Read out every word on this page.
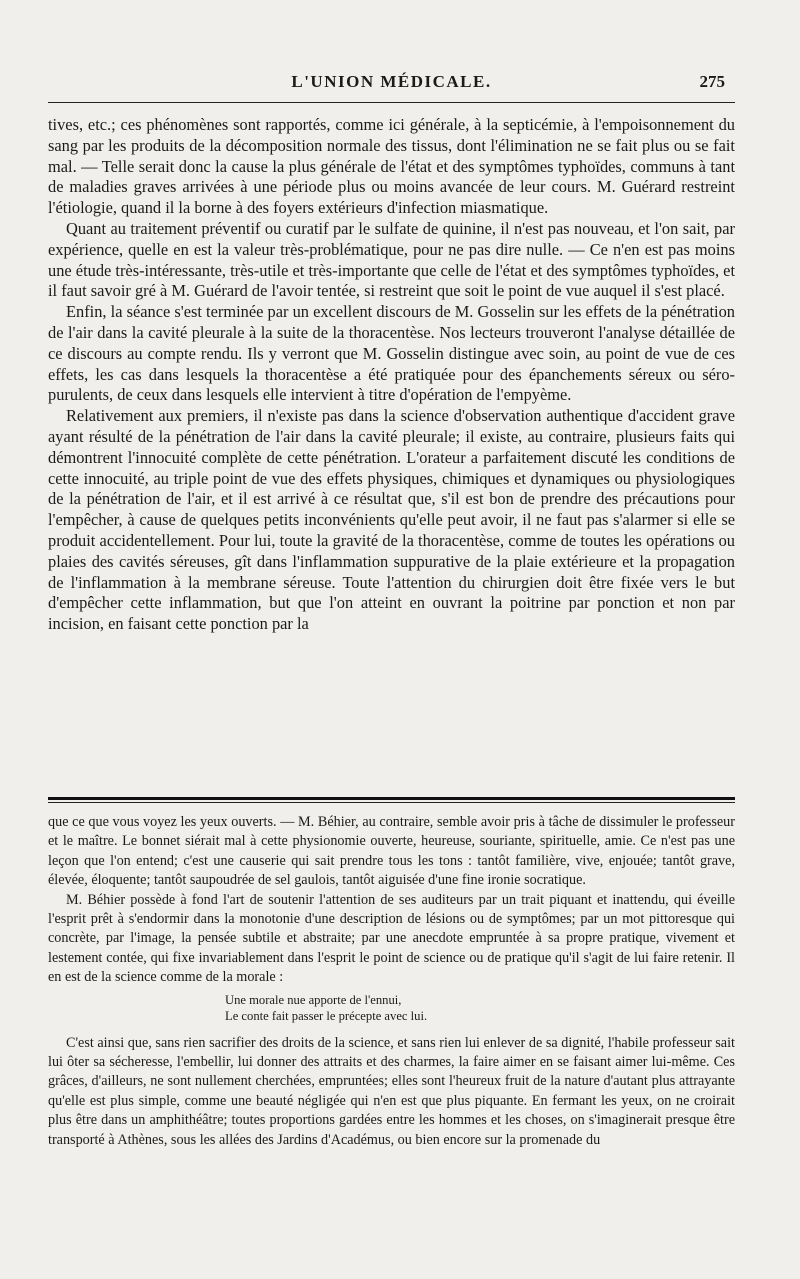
L'UNION MÉDICALE.	275

tives, etc.; ces phénomènes sont rapportés, comme ici générale, à la septicémie, à l'empoisonnement du sang par les produits de la décomposition normale des tissus, dont l'élimination ne se fait plus ou se fait mal. — Telle serait donc la cause la plus générale de l'état et des symptômes typhoïdes, communs à tant de maladies graves arrivées à une période plus ou moins avancée de leur cours. M. Guérard restreint l'étiologie, quand il la borne à des foyers extérieurs d'infection miasmatique.

Quant au traitement préventif ou curatif par le sulfate de quinine, il n'est pas nouveau, et l'on sait, par expérience, quelle en est la valeur très-problématique, pour ne pas dire nulle. — Ce n'en est pas moins une étude très-intéressante, très-utile et très-importante que celle de l'état et des symptômes typhoïdes, et il faut savoir gré à M. Guérard de l'avoir tentée, si restreint que soit le point de vue auquel il s'est placé.

Enfin, la séance s'est terminée par un excellent discours de M. Gosselin sur les effets de la pénétration de l'air dans la cavité pleurale à la suite de la thoracentèse. Nos lecteurs trouveront l'analyse détaillée de ce discours au compte rendu. Ils y verront que M. Gosselin distingue avec soin, au point de vue de ces effets, les cas dans lesquels la thoracentèse a été pratiquée pour des épanchements séreux ou séro-purulents, de ceux dans lesquels elle intervient à titre d'opération de l'empyème.

Relativement aux premiers, il n'existe pas dans la science d'observation authentique d'accident grave ayant résulté de la pénétration de l'air dans la cavité pleurale; il existe, au contraire, plusieurs faits qui démontrent l'innocuité complète de cette pénétration. L'orateur a parfaitement discuté les conditions de cette innocuité, au triple point de vue des effets physiques, chimiques et dynamiques ou physiologiques de la pénétration de l'air, et il est arrivé à ce résultat que, s'il est bon de prendre des précautions pour l'empêcher, à cause de quelques petits inconvénients qu'elle peut avoir, il ne faut pas s'alarmer si elle se produit accidentellement. Pour lui, toute la gravité de la thoracentèse, comme de toutes les opérations ou plaies des cavités séreuses, gît dans l'inflammation suppurative de la plaie extérieure et la propagation de l'inflammation à la membrane séreuse. Toute l'attention du chirurgien doit être fixée vers le but d'empêcher cette inflammation, but que l'on atteint en ouvrant la poitrine par ponction et non par incision, en faisant cette ponction par la

que ce que vous voyez les yeux ouverts. — M. Béhier, au contraire, semble avoir pris à tâche de dissimuler le professeur et le maître. Le bonnet siérait mal à cette physionomie ouverte, heureuse, souriante, spirituelle, amie. Ce n'est pas une leçon que l'on entend; c'est une causerie qui sait prendre tous les tons : tantôt familière, vive, enjouée; tantôt grave, élevée, éloquente; tantôt saupoudrée de sel gaulois, tantôt aiguisée d'une fine ironie socratique.

M. Béhier possède à fond l'art de soutenir l'attention de ses auditeurs par un trait piquant et inattendu, qui éveille l'esprit prêt à s'endormir dans la monotonie d'une description de lésions ou de symptômes; par un mot pittoresque qui concrète, par l'image, la pensée subtile et abstraite; par une anecdote empruntée à sa propre pratique, vivement et lestement contée, qui fixe invariablement dans l'esprit le point de science ou de pratique qu'il s'agit de lui faire retenir. Il en est de la science comme de la morale :

Une morale nue apporte de l'ennui,
Le conte fait passer le précepte avec lui.

C'est ainsi que, sans rien sacrifier des droits de la science, et sans rien lui enlever de sa dignité, l'habile professeur sait lui ôter sa sécheresse, l'embellir, lui donner des attraits et des charmes, la faire aimer en se faisant aimer lui-même. Ces grâces, d'ailleurs, ne sont nullement cherchées, empruntées; elles sont l'heureux fruit de la nature d'autant plus attrayante qu'elle est plus simple, comme une beauté négligée qui n'en est que plus piquante. En fermant les yeux, on ne croirait plus être dans un amphithéâtre; toutes proportions gardées entre les hommes et les choses, on s'imaginerait presque être transporté à Athènes, sous les allées des Jardins d'Académus, ou bien encore sur la promenade du
